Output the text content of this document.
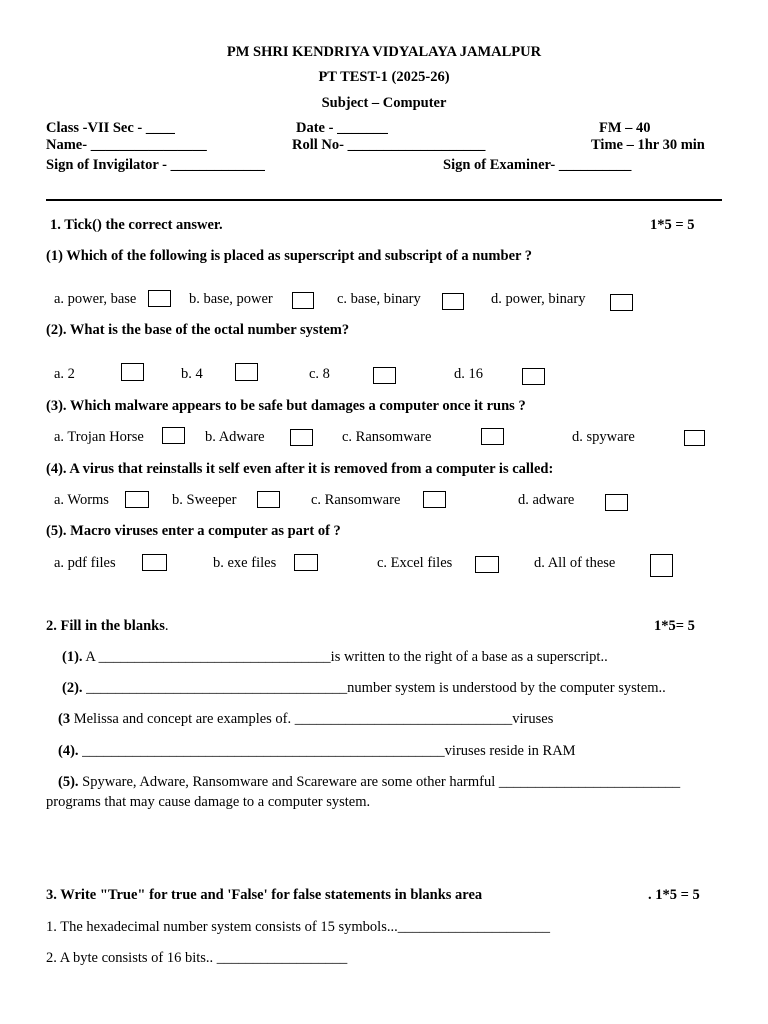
PM SHRI KENDRIYA VIDYALAYA JAMALPUR
PT TEST-1 (2025-26)
Subject – Computer
Class -VII Sec - ____	Date - _______	FM – 40
Name- ________________	Roll No- ___________________	Time – 1hr 30 min
Sign of Invigilator - _____________	Sign of Examiner- __________
1. Tick() the correct answer.	1*5 = 5
(1) Which of the following is placed as superscript and subscript of a number ?
a. power, base	b. base, power	c. base, binary	d. power, binary
(2). What is the base of the octal number system?
a. 2	b. 4	c. 8	d. 16
(3). Which malware appears to be safe but damages a computer once it runs ?
a. Trojan Horse	b. Adware	c. Ransomware	d. spyware
(4). A virus that reinstalls it self even after it is removed from a computer is called:
a. Worms	b. Sweeper	c. Ransomware	d. adware
(5). Macro viruses enter a computer as part of ?
a. pdf files	b. exe files	c. Excel files	d. All of these
2. Fill in the blanks.	1*5= 5
(1). A ________________________________is written to the right of a base as a superscript..
(2). ____________________________________number system is understood by the computer system..
(3 Melissa and concept are examples of. ______________________________viruses
(4). __________________________________________________viruses reside in RAM
(5). Spyware, Adware, Ransomware and Scareware are some other harmful _________________________
programs that may cause damage to a computer system.
3. Write "True" for true and 'False' for false statements in blanks area	. 1*5 = 5
1. The hexadecimal number system consists of 15 symbols..._____________________
2. A byte consists of 16 bits.. __________________
